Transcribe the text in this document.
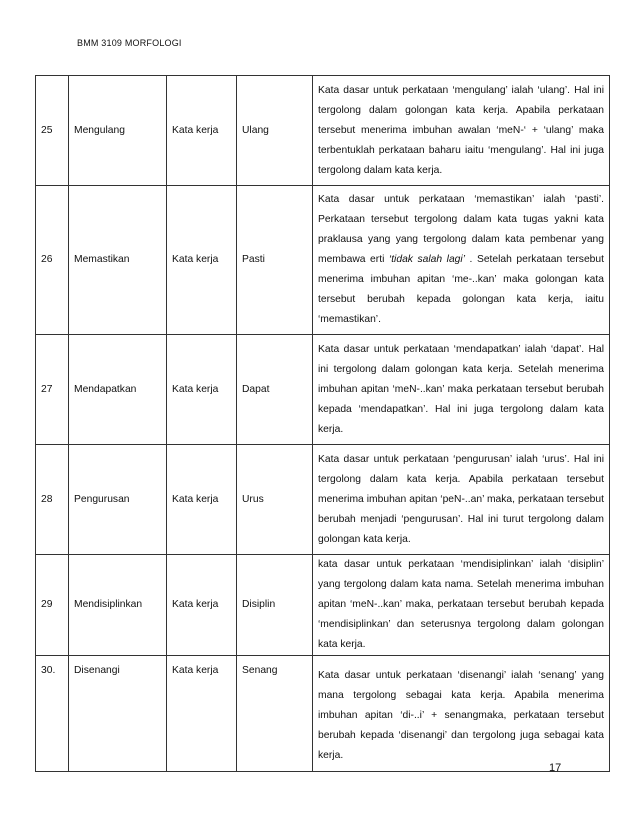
BMM 3109 MORFOLOGI
25	Mengulang	Kata kerja	Ulang	Kata dasar untuk perkataan ‘mengulang’ ialah ‘ulang’. Hal ini tergolong dalam golongan kata kerja. Apabila perkataan tersebut menerima imbuhan awalan ‘meN-‘ + ‘ulang’ maka terbentuklah perkataan baharu iaitu ‘mengulang’. Hal ini juga tergolong dalam kata kerja.
26	Memastikan	Kata kerja	Pasti	Kata dasar untuk perkataan ‘memastikan’ ialah ‘pasti’. Perkataan tersebut tergolong dalam kata tugas yakni kata praklausa yang yang tergolong dalam kata pembenar yang membawa erti ‘tidak salah lagi’ . Setelah perkataan tersebut menerima imbuhan apitan ‘me-..kan’ maka golongan kata tersebut berubah kepada golongan kata kerja, iaitu ‘memastikan’.
27	Mendapatkan	Kata kerja	Dapat	Kata dasar untuk perkataan ‘mendapatkan’ ialah ‘dapat’. Hal ini tergolong dalam golongan kata kerja. Setelah menerima imbuhan apitan ‘meN-..kan’ maka perkataan tersebut berubah kepada ‘mendapatkan’. Hal ini juga tergolong dalam kata kerja.
28	Pengurusan	Kata kerja	Urus	Kata dasar untuk perkataan ‘pengurusan’ ialah ‘urus’. Hal ini tergolong dalam kata kerja. Apabila perkataan tersebut menerima imbuhan apitan ‘peN-..an’ maka, perkataan tersebut berubah menjadi ‘pengurusan’. Hal ini turut tergolong dalam golongan kata kerja.
29	Mendisiplinkan	Kata kerja	Disiplin	kata dasar untuk perkataan ‘mendisiplinkan’ ialah ‘disiplin’ yang tergolong dalam kata nama. Setelah menerima imbuhan apitan ‘meN-..kan’ maka, perkataan tersebut berubah kepada ‘mendisiplinkan’ dan seterusnya tergolong dalam golongan kata kerja.
30.	Disenangi	Kata kerja	Senang	Kata dasar untuk perkataan ‘disenangi’ ialah ‘senang’ yang mana tergolong sebagai kata kerja. Apabila menerima imbuhan apitan ‘di-..i’ + senangmaka, perkataan tersebut berubah kepada ‘disenangi’ dan tergolong juga sebagai kata kerja.
17
